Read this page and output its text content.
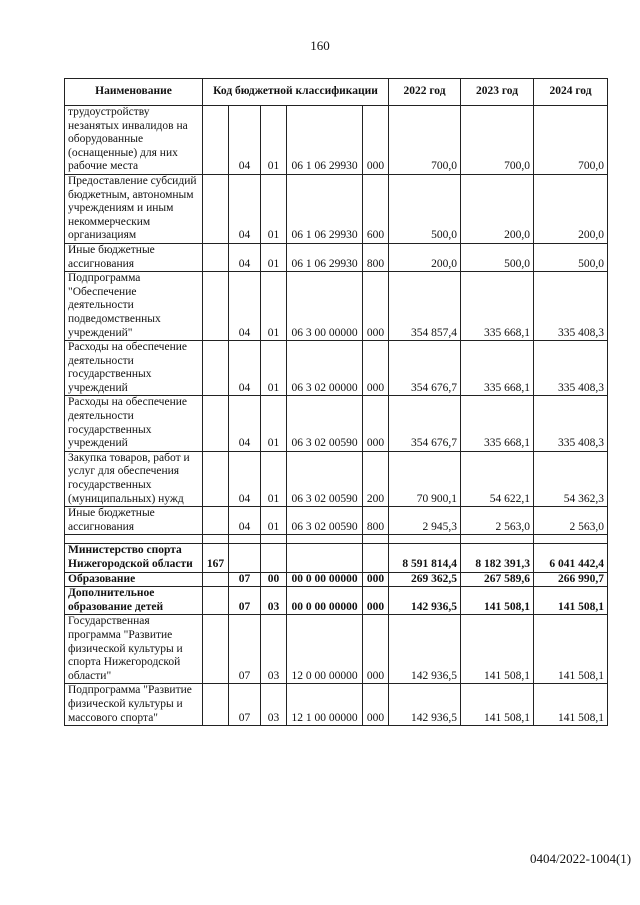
160
Наименование	Код бюджетной классификации					2022 год	2023 год	2024 год
трудоустройству незанятых инвалидов на оборудованные (оснащенные) для них рабочие места		04	01	06 1 06 29930	000	700,0	700,0	700,0
Предоставление субсидий бюджетным, автономным учреждениям и иным некоммерческим организациям		04	01	06 1 06 29930	600	500,0	200,0	200,0
Иные бюджетные ассигнования		04	01	06 1 06 29930	800	200,0	500,0	500,0
Подпрограмма "Обеспечение деятельности подведомственных учреждений"		04	01	06 3 00 00000	000	354 857,4	335 668,1	335 408,3
Расходы на обеспечение деятельности государственных учреждений		04	01	06 3 02 00000	000	354 676,7	335 668,1	335 408,3
Расходы на обеспечение деятельности государственных учреждений		04	01	06 3 02 00590	000	354 676,7	335 668,1	335 408,3
Закупка товаров, работ и услуг для обеспечения государственных (муниципальных) нужд		04	01	06 3 02 00590	200	70 900,1	54 622,1	54 362,3
Иные бюджетные ассигнования		04	01	06 3 02 00590	800	2 945,3	2 563,0	2 563,0

Министерство спорта Нижегородской области	167					8 591 814,4	8 182 391,3	6 041 442,4
Образование		07	00	00 0 00 00000	000	269 362,5	267 589,6	266 990,7
Дополнительное образование детей		07	03	00 0 00 00000	000	142 936,5	141 508,1	141 508,1
Государственная программа "Развитие физической культуры и спорта Нижегородской области"		07	03	12 0 00 00000	000	142 936,5	141 508,1	141 508,1
Подпрограмма "Развитие физической культуры и массового спорта"		07	03	12 1 00 00000	000	142 936,5	141 508,1	141 508,1
0404/2022-1004(1)
